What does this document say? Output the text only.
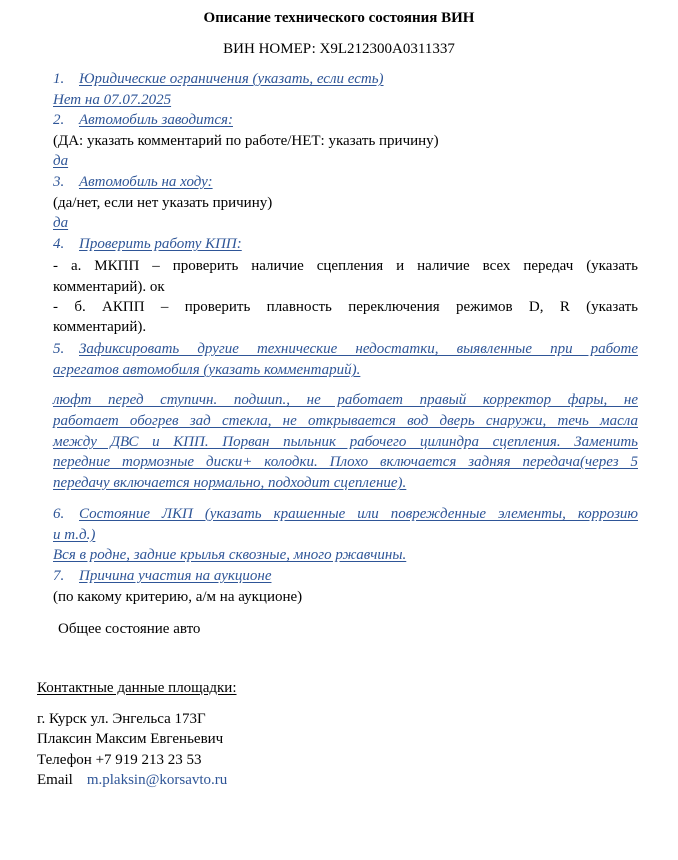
Описание технического состояния ВИН
ВИН НОМЕР: X9L212300A0311337
1. Юридические ограничения (указать, если есть)
Нет на 07.07.2025
2. Автомобиль заводится:
(ДА: указать комментарий по работе/НЕТ: указать причину)
да
3. Автомобиль на ходу:
(да/нет, если нет указать причину)
да
4. Проверить работу КПП:
- а. МКПП – проверить наличие сцепления и наличие всех передач (указать
комментарий). ок
- б. АКПП – проверить плавность переключения режимов D, R (указать
комментарий).
5. Зафиксировать другие технические недостатки, выявленные при работе
агрегатов автомобиля (указать комментарий).
люфт перед ступичн. подшип., не работает правый корректор фары, не
работает обогрев зад стекла, не открывается вод дверь снаружи, течь масла
между ДВС и КПП. Порван пыльник рабочего цилиндра сцепления. Заменить
передние тормозные диски+ колодки. Плохо включается задняя передача(через 5
передачу включается нормально, подходит сцепление).
6. Состояние ЛКП (указать крашенные или поврежденные элементы, коррозию
и т.д.)
Вся в родне, задние крылья сквозные, много ржавчины.
7. Причина участия на аукционе
(по какому критерию, а/м на аукционе)
Общее состояние авто
Контактные данные площадки:
г. Курск ул. Энгельса 173Г
Плаксин Максим Евгеньевич
Телефон +7 919 213 23 53
Email m.plaksin@korsavto.ru
